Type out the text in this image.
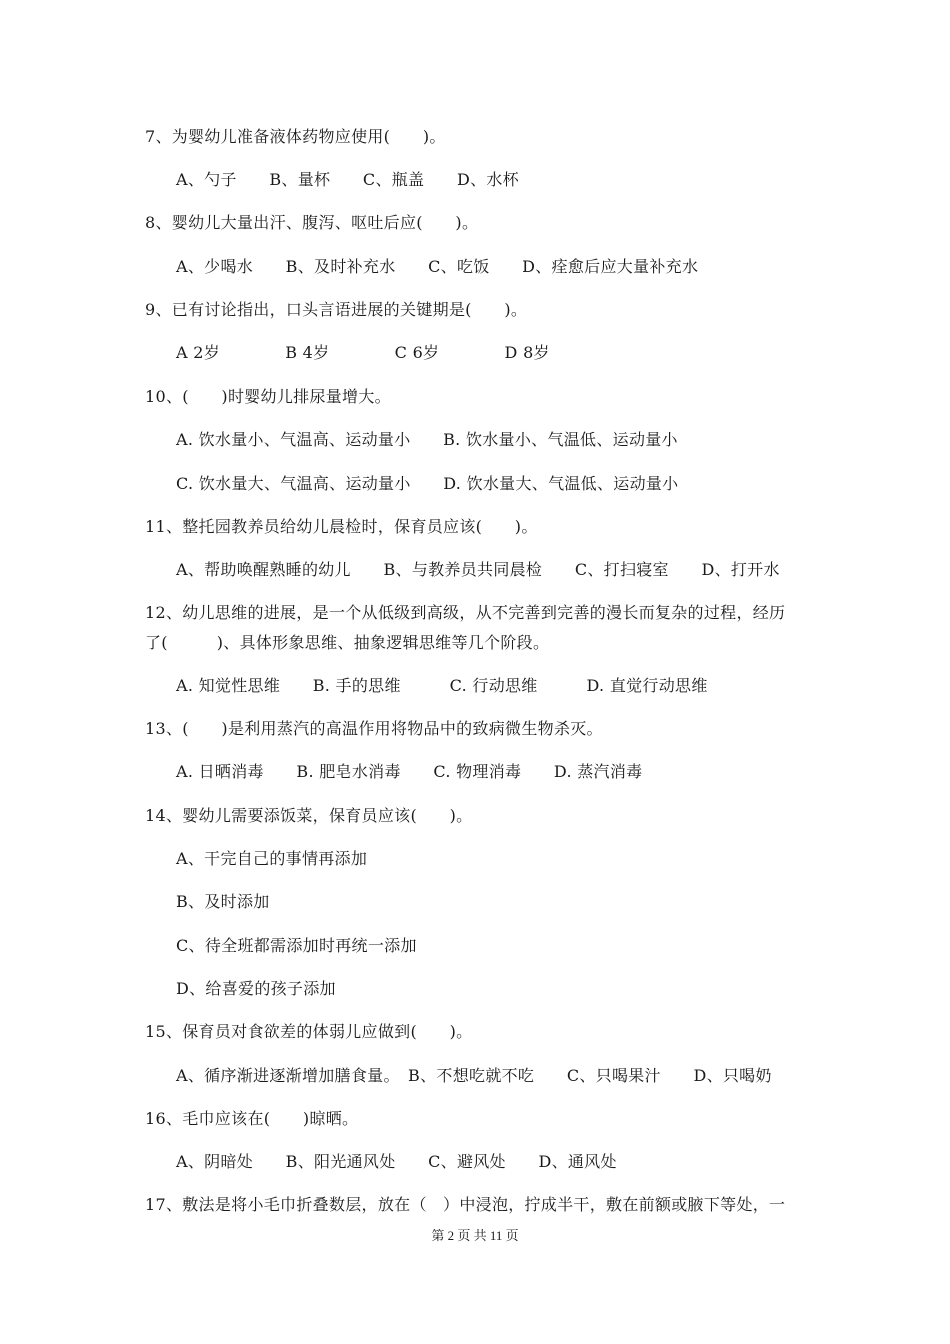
7、为婴幼儿准备液体药物应使用(　　)。
A、勺子　　B、量杯　　C、瓶盖　　D、水杯
8、婴幼儿大量出汗、腹泻、呕吐后应(　　)。
A、少喝水　　B、及时补充水　　C、吃饭　　D、痊愈后应大量补充水
9、已有讨论指出，口头言语进展的关键期是(　　)。
A 2岁　　　　B 4岁　　　　C 6岁　　　　D 8岁
10、(　　)时婴幼儿排尿量增大。
A. 饮水量小、气温高、运动量小　　B. 饮水量小、气温低、运动量小
C. 饮水量大、气温高、运动量小　　D. 饮水量大、气温低、运动量小
11、整托园教养员给幼儿晨检时，保育员应该(　　)。
A、帮助唤醒熟睡的幼儿　　B、与教养员共同晨检　　C、打扫寝室　　D、打开水
12、幼儿思维的进展，是一个从低级到高级，从不完善到完善的漫长而复杂的过程，经历
了(　　　)、具体形象思维、抽象逻辑思维等几个阶段。
A. 知觉性思维　　B. 手的思维　　　C. 行动思维　　　D. 直觉行动思维
13、(　　)是利用蒸汽的高温作用将物品中的致病微生物杀灭。
A. 日晒消毒　　B. 肥皂水消毒　　C. 物理消毒　　D. 蒸汽消毒
14、婴幼儿需要添饭菜，保育员应该(　　)。
A、干完自己的事情再添加
B、及时添加
C、待全班都需添加时再统一添加
D、给喜爱的孩子添加
15、保育员对食欲差的体弱儿应做到(　　)。
A、循序渐进逐渐增加膳食量。　B、不想吃就不吃　　C、只喝果汁　　D、只喝奶
16、毛巾应该在(　　)晾晒。
A、阴暗处　　B、阳光通风处　　C、避风处　　D、通风处
17、敷法是将小毛巾折叠数层，放在（　）中浸泡，拧成半干，敷在前额或腋下等处，一
第 2 页 共 11 页
